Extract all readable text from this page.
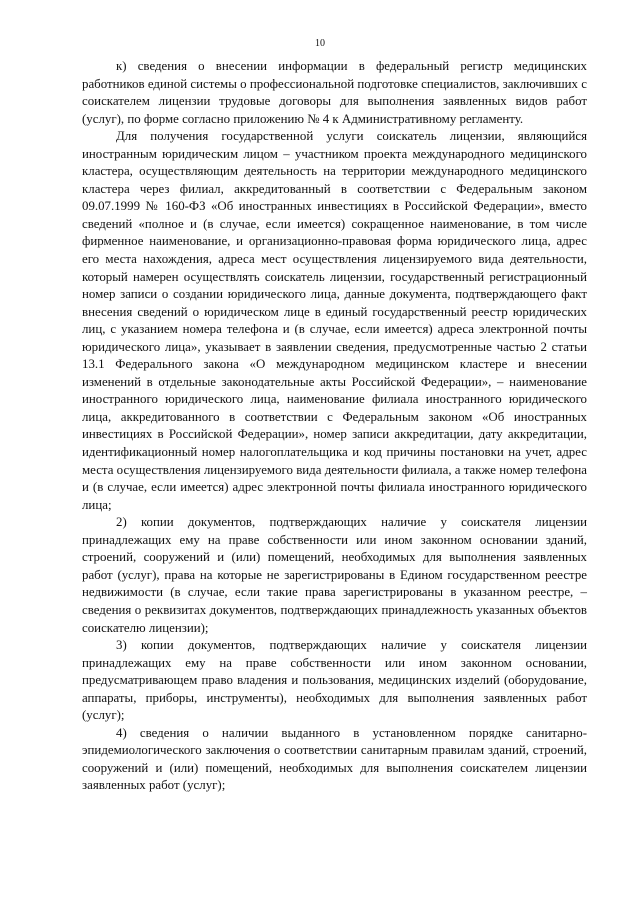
10

к) сведения о внесении информации в федеральный регистр медицинских работников единой системы о профессиональной подготовке специалистов, заключивших с соискателем лицензии трудовые договоры для выполнения заявленных видов работ (услуг), по форме согласно приложению № 4 к Административному регламенту.

Для получения государственной услуги соискатель лицензии, являющийся иностранным юридическим лицом – участником проекта международного медицинского кластера, осуществляющим деятельность на территории международного медицинского кластера через филиал, аккредитованный в соответствии с Федеральным законом 09.07.1999 № 160-ФЗ «Об иностранных инвестициях в Российской Федерации», вместо сведений «полное и (в случае, если имеется) сокращенное наименование, в том числе фирменное наименование, и организационно-правовая форма юридического лица, адрес его места нахождения, адреса мест осуществления лицензируемого вида деятельности, который намерен осуществлять соискатель лицензии, государственный регистрационный номер записи о создании юридического лица, данные документа, подтверждающего факт внесения сведений о юридическом лице в единый государственный реестр юридических лиц, с указанием номера телефона и (в случае, если имеется) адреса электронной почты юридического лица», указывает в заявлении сведения, предусмотренные частью 2 статьи 13.1 Федерального закона «О международном медицинском кластере и внесении изменений в отдельные законодательные акты Российской Федерации», – наименование иностранного юридического лица, наименование филиала иностранного юридического лица, аккредитованного в соответствии с Федеральным законом «Об иностранных инвестициях в Российской Федерации», номер записи аккредитации, дату аккредитации, идентификационный номер налогоплательщика и код причины постановки на учет, адрес места осуществления лицензируемого вида деятельности филиала, а также номер телефона и (в случае, если имеется) адрес электронной почты филиала иностранного юридического лица;

2) копии документов, подтверждающих наличие у соискателя лицензии принадлежащих ему на праве собственности или ином законном основании зданий, строений, сооружений и (или) помещений, необходимых для выполнения заявленных работ (услуг), права на которые не зарегистрированы в Едином государственном реестре недвижимости (в случае, если такие права зарегистрированы в указанном реестре, – сведения о реквизитах документов, подтверждающих принадлежность указанных объектов соискателю лицензии);

3) копии документов, подтверждающих наличие у соискателя лицензии принадлежащих ему на праве собственности или ином законном основании, предусматривающем право владения и пользования, медицинских изделий (оборудование, аппараты, приборы, инструменты), необходимых для выполнения заявленных работ (услуг);

4) сведения о наличии выданного в установленном порядке санитарно-эпидемиологического заключения о соответствии санитарным правилам зданий, строений, сооружений и (или) помещений, необходимых для выполнения соискателем лицензии заявленных работ (услуг);
